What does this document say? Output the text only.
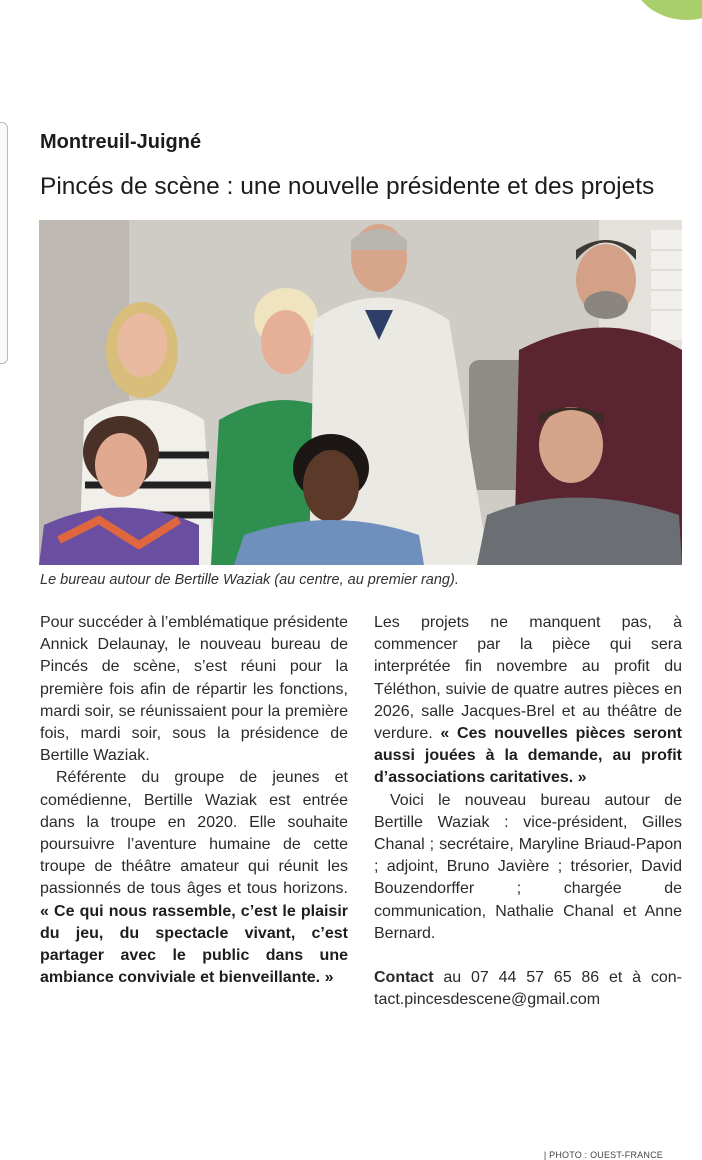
Montreuil-Juigné
Pincés de scène : une nouvelle présidente et des projets
Le bureau autour de Bertille Waziak (au centre, au premier rang).
| PHOTO : OUEST-FRANCE

Pour succéder à l’emblématique présidente Annick Delaunay, le nouveau bureau de Pincés de scène, s’est réuni pour la première fois afin de répartir les fonctions, mardi soir, se réunissaient pour la première fois, mardi soir, sous la présidence de Bertille Waziak.

Référente du groupe de jeunes et comédienne, Bertille Waziak est entrée dans la troupe en 2020. Elle souhaite poursuivre l’aventure humaine de cette troupe de théâtre amateur qui réunit les passionnés de tous âges et tous horizons. « Ce qui nous rassemble, c’est le plaisir du jeu, du spectacle vivant, c’est partager avec le public dans une ambiance conviviale et bienveillante. »

Les projets ne manquent pas, à commencer par la pièce qui sera interprétée fin novembre au profit du Téléthon, suivie de quatre autres pièces en 2026, salle Jacques-Brel et au théâtre de verdure. « Ces nouvelles pièces seront aussi jouées à la demande, au profit d’associations caritatives. »

Voici le nouveau bureau autour de Bertille Waziak : vice-président, Gilles Chanal ; secrétaire, Maryline Briaud-Papon ; adjoint, Bruno Javière ; trésorier, David Bouzendorffer ; chargée de communication, Nathalie Chanal et Anne Bernard.

Contact au 07 44 57 65 86 et à contact.pincesdescene@gmail.com
